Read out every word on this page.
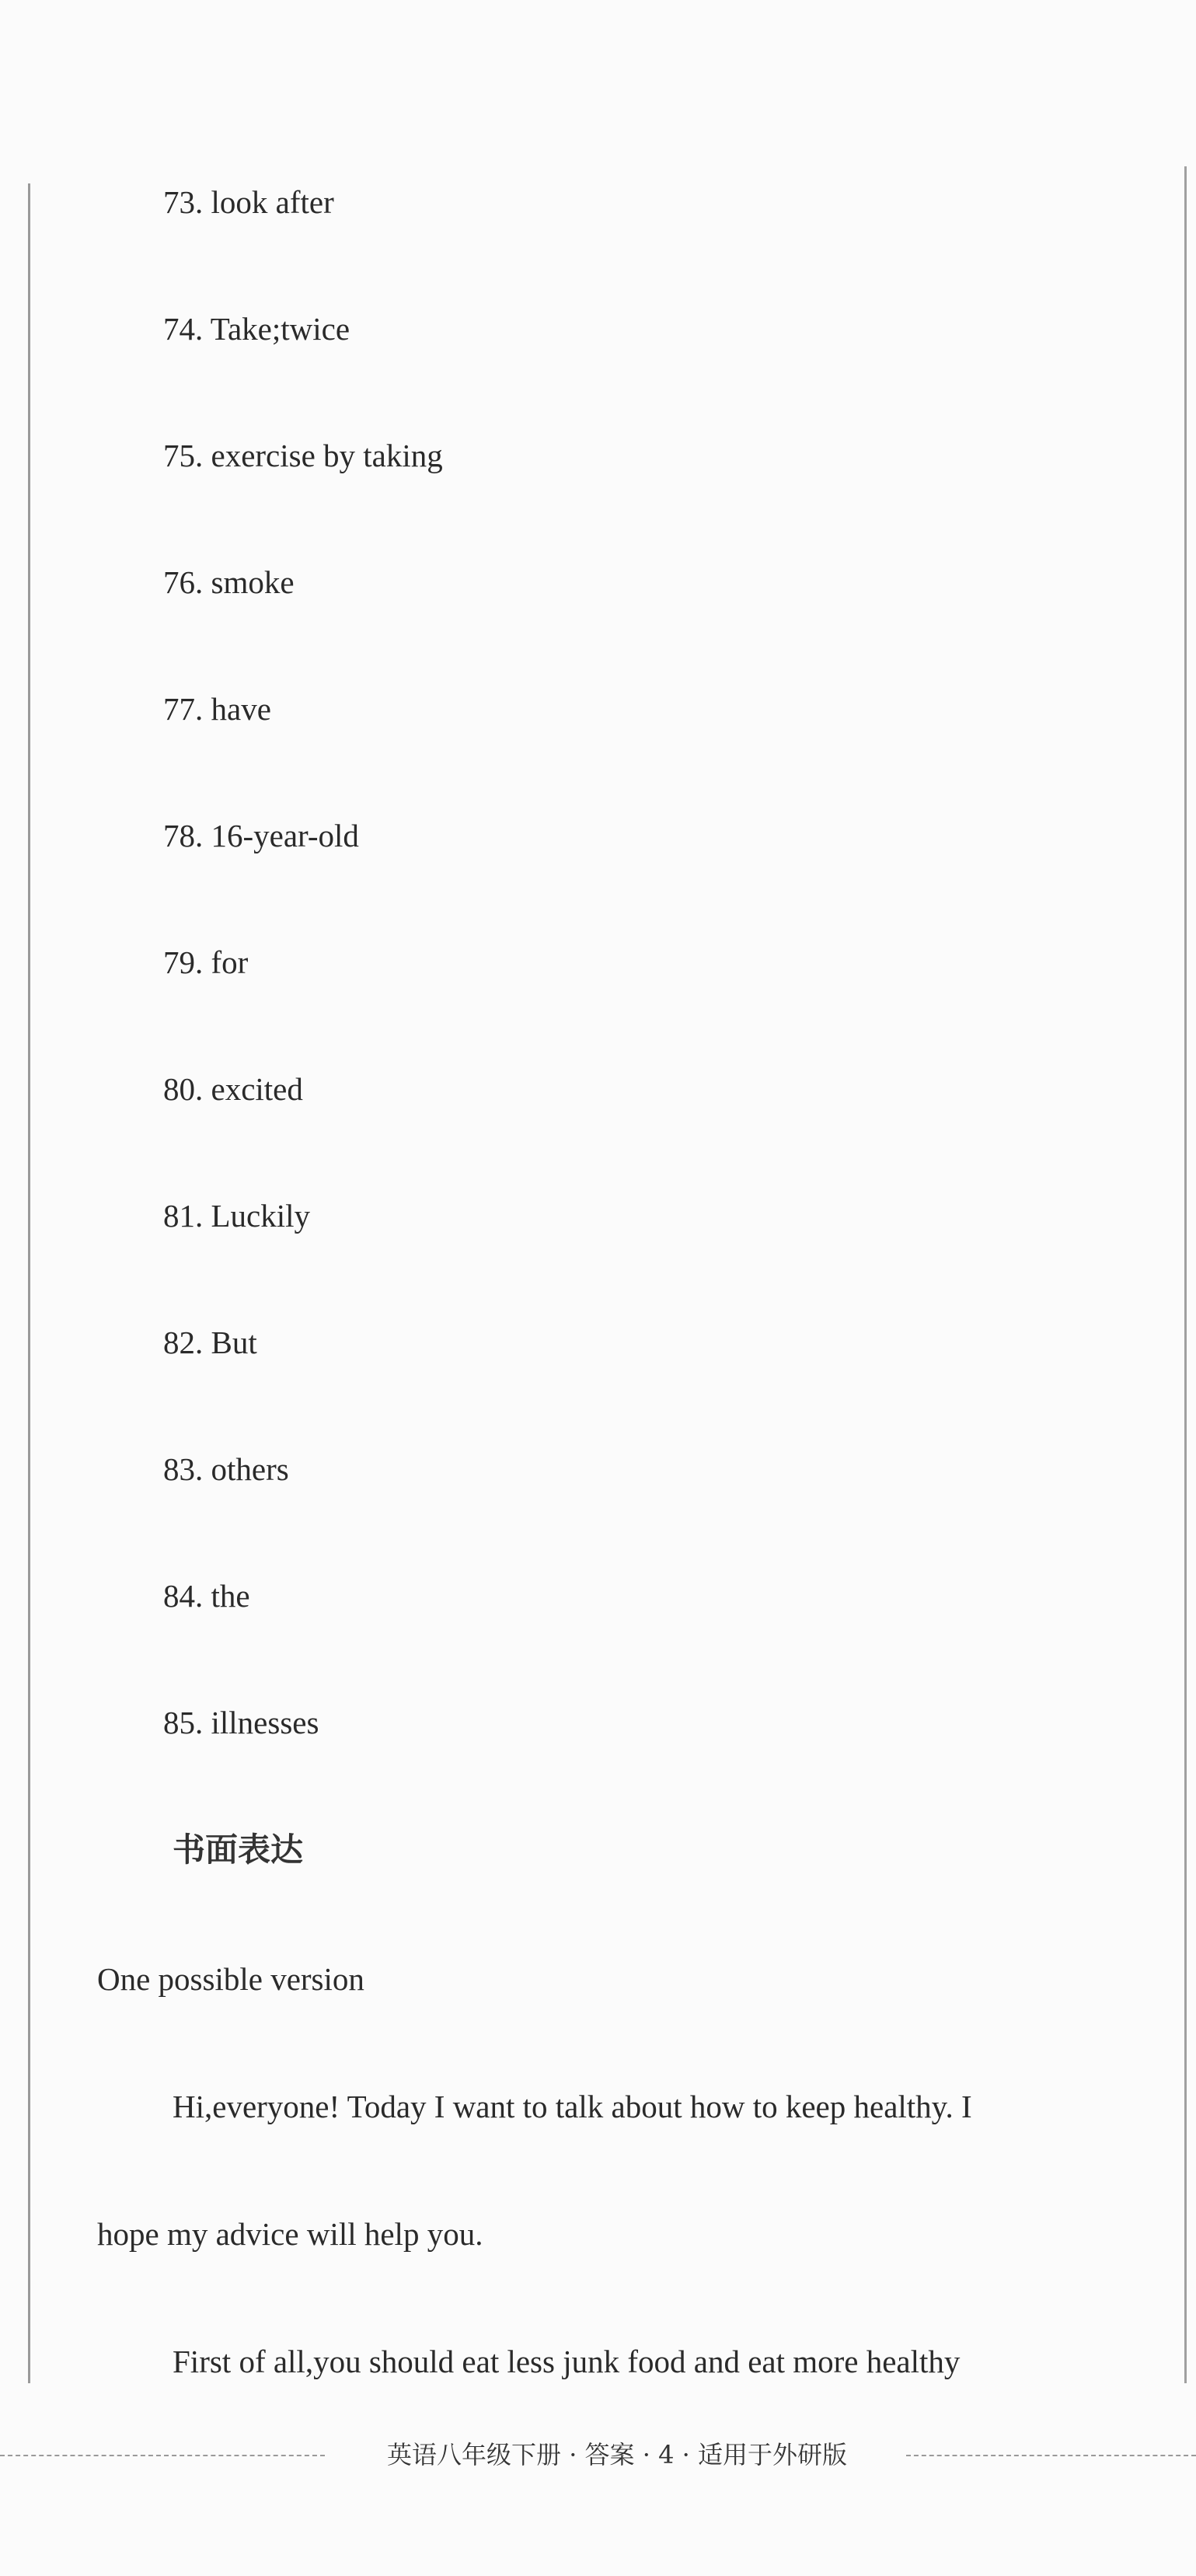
73. look after
74. Take;twice
75. exercise by taking
76. smoke
77. have
78. 16-year-old
79. for
80. excited
81. Luckily
82. But
83. others
84. the
85. illnesses
书面表达
One possible version
Hi,everyone! Today I want to talk about how to keep healthy. I
hope my advice will help you.
First of all,you should eat less junk food and eat more healthy
英语八年级下册 · 答案 · 4 · 适用于外研版
